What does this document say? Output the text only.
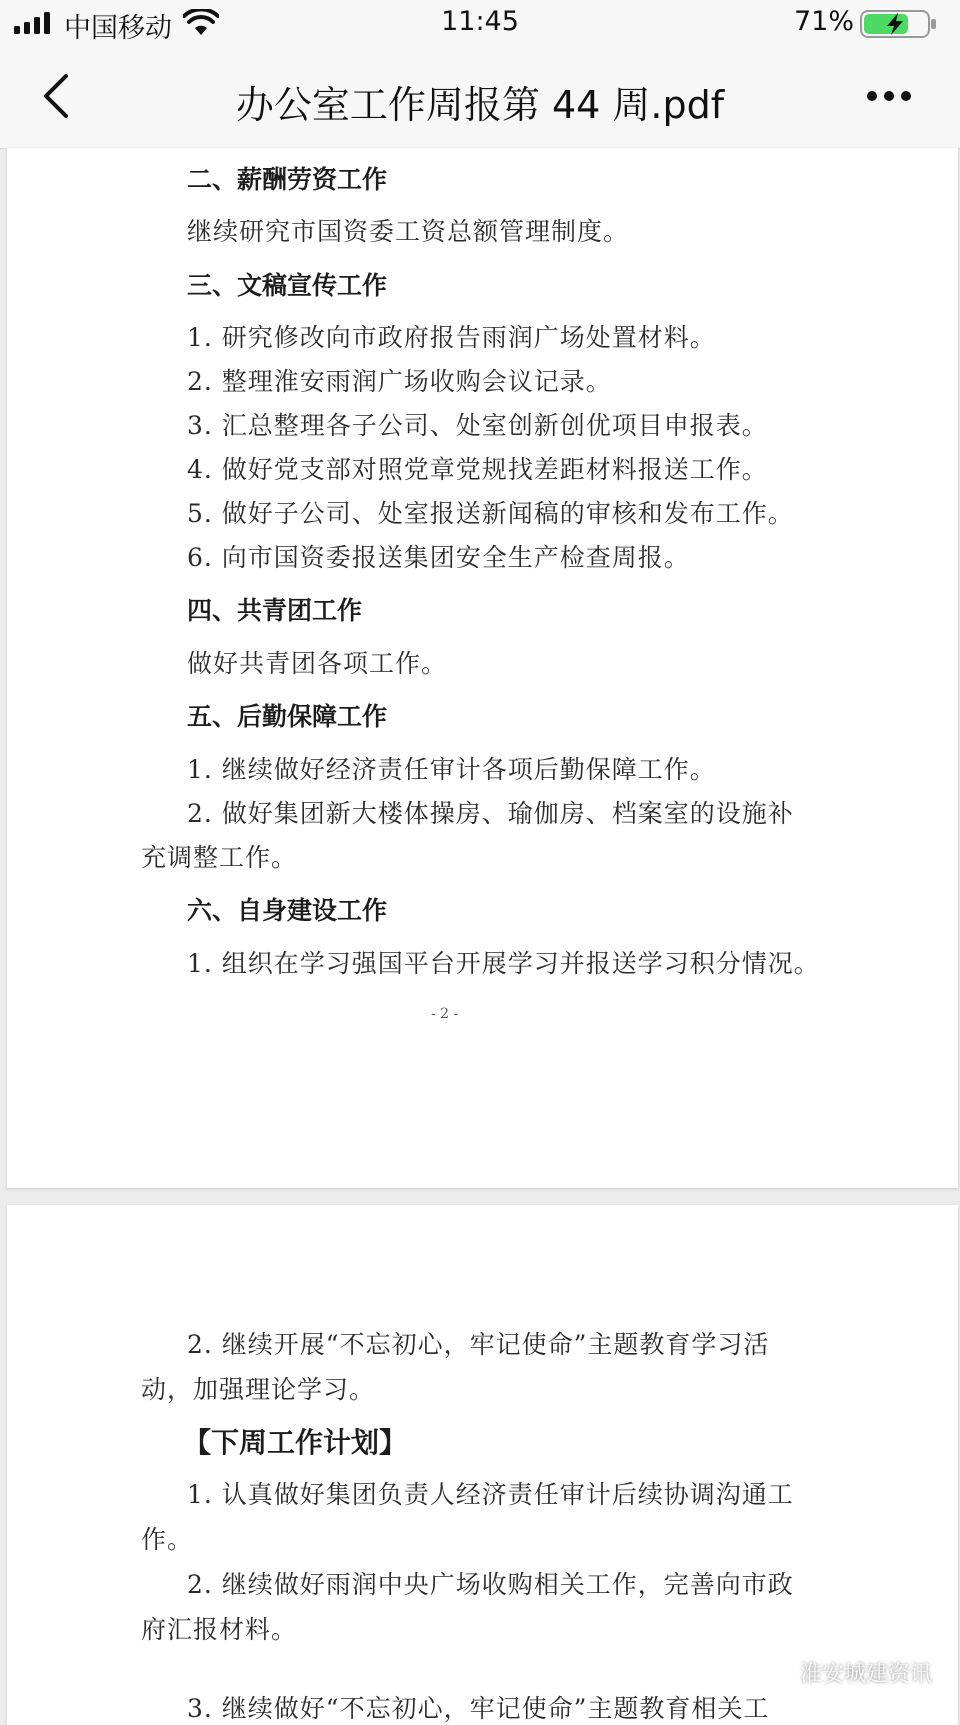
中国移动	11:45	71%
办公室工作周报第 44 周.pdf
二、薪酬劳资工作
继续研究市国资委工资总额管理制度。
三、文稿宣传工作
1. 研究修改向市政府报告雨润广场处置材料。
2. 整理淮安雨润广场收购会议记录。
3. 汇总整理各子公司、处室创新创优项目申报表。
4. 做好党支部对照党章党规找差距材料报送工作。
5. 做好子公司、处室报送新闻稿的审核和发布工作。
6. 向市国资委报送集团安全生产检查周报。
四、共青团工作
做好共青团各项工作。
五、后勤保障工作
1. 继续做好经济责任审计各项后勤保障工作。
2. 做好集团新大楼体操房、瑜伽房、档案室的设施补
充调整工作。
六、自身建设工作
1. 组织在学习强国平台开展学习并报送学习积分情况。
- 2 -
2. 继续开展“不忘初心，牢记使命”主题教育学习活
动，加强理论学习。
【下周工作计划】
1. 认真做好集团负责人经济责任审计后续协调沟通工
作。
2. 继续做好雨润中央广场收购相关工作，完善向市政
府汇报材料。
3. 继续做好“不忘初心，牢记使命”主题教育相关工
淮安城建资讯
